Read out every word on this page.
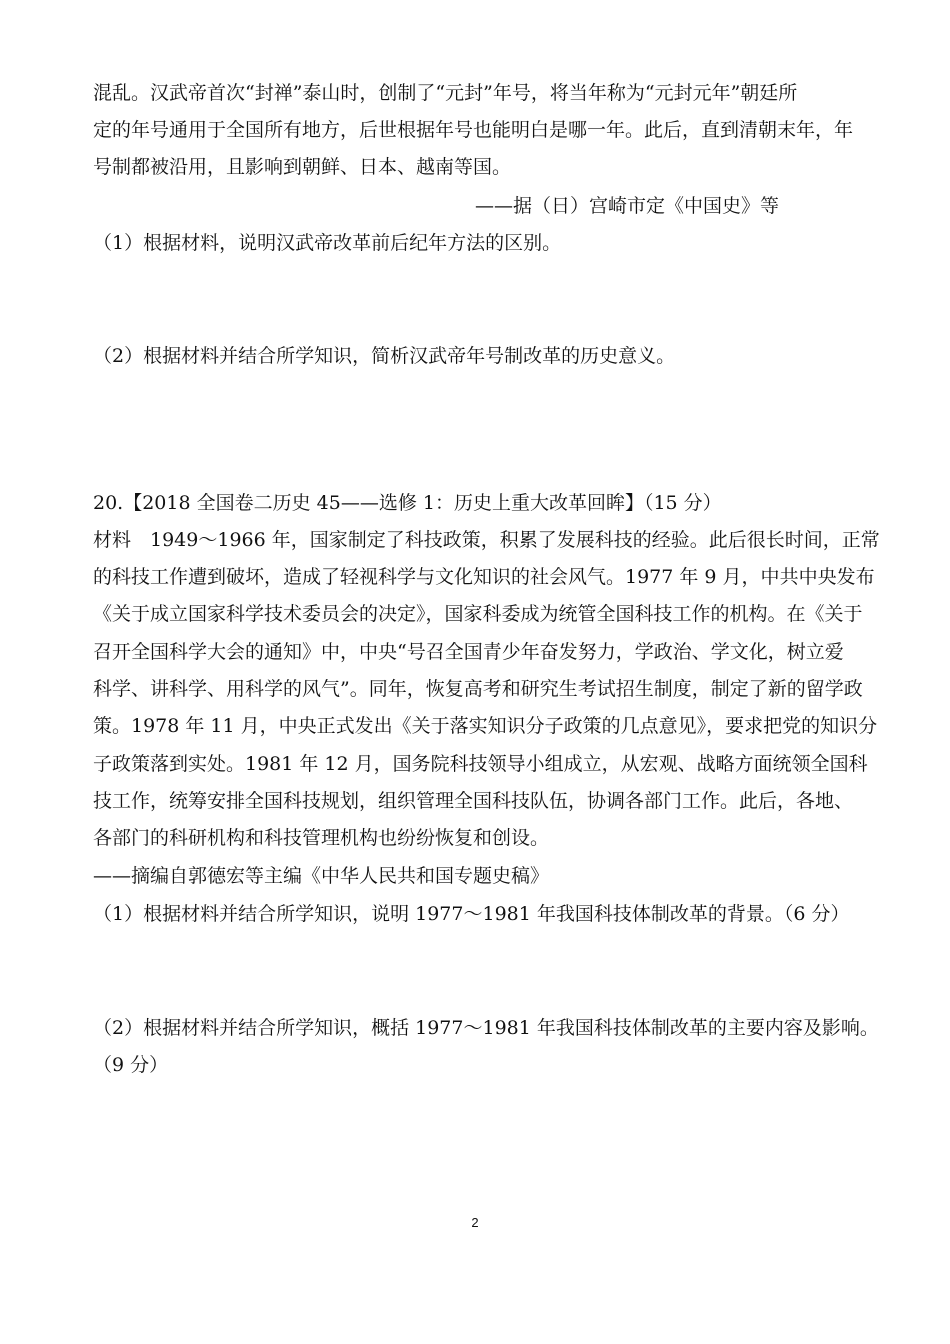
混乱。汉武帝首次“封禅”泰山时，创制了“元封”年号，将当年称为“元封元年”朝廷所
定的年号通用于全国所有地方，后世根据年号也能明白是哪一年。此后，直到清朝末年，年
号制都被沿用，且影响到朝鲜、日本、越南等国。
——据（日）宫崎市定《中国史》等
（1）根据材料，说明汉武帝改革前后纪年方法的区别。
（2）根据材料并结合所学知识，简析汉武帝年号制改革的历史意义。
20.【2018 全国卷二历史 45——选修 1：历史上重大改革回眸】（15 分）
材料　1949～1966 年，国家制定了科技政策，积累了发展科技的经验。此后很长时间，正常
的科技工作遭到破坏，造成了轻视科学与文化知识的社会风气。1977 年 9 月，中共中央发布
《关于成立国家科学技术委员会的决定》，国家科委成为统管全国科技工作的机构。在《关于
召开全国科学大会的通知》中，中央“号召全国青少年奋发努力，学政治、学文化，树立爱
科学、讲科学、用科学的风气”。同年，恢复高考和研究生考试招生制度，制定了新的留学政
策。1978 年 11 月，中央正式发出《关于落实知识分子政策的几点意见》，要求把党的知识分
子政策落到实处。1981 年 12 月，国务院科技领导小组成立，从宏观、战略方面统领全国科
技工作，统筹安排全国科技规划，组织管理全国科技队伍，协调各部门工作。此后，各地、
各部门的科研机构和科技管理机构也纷纷恢复和创设。
——摘编自郭德宏等主编《中华人民共和国专题史稿》
（1）根据材料并结合所学知识，说明 1977～1981 年我国科技体制改革的背景。（6 分）
（2）根据材料并结合所学知识，概括 1977～1981 年我国科技体制改革的主要内容及影响。
（9 分）
2
